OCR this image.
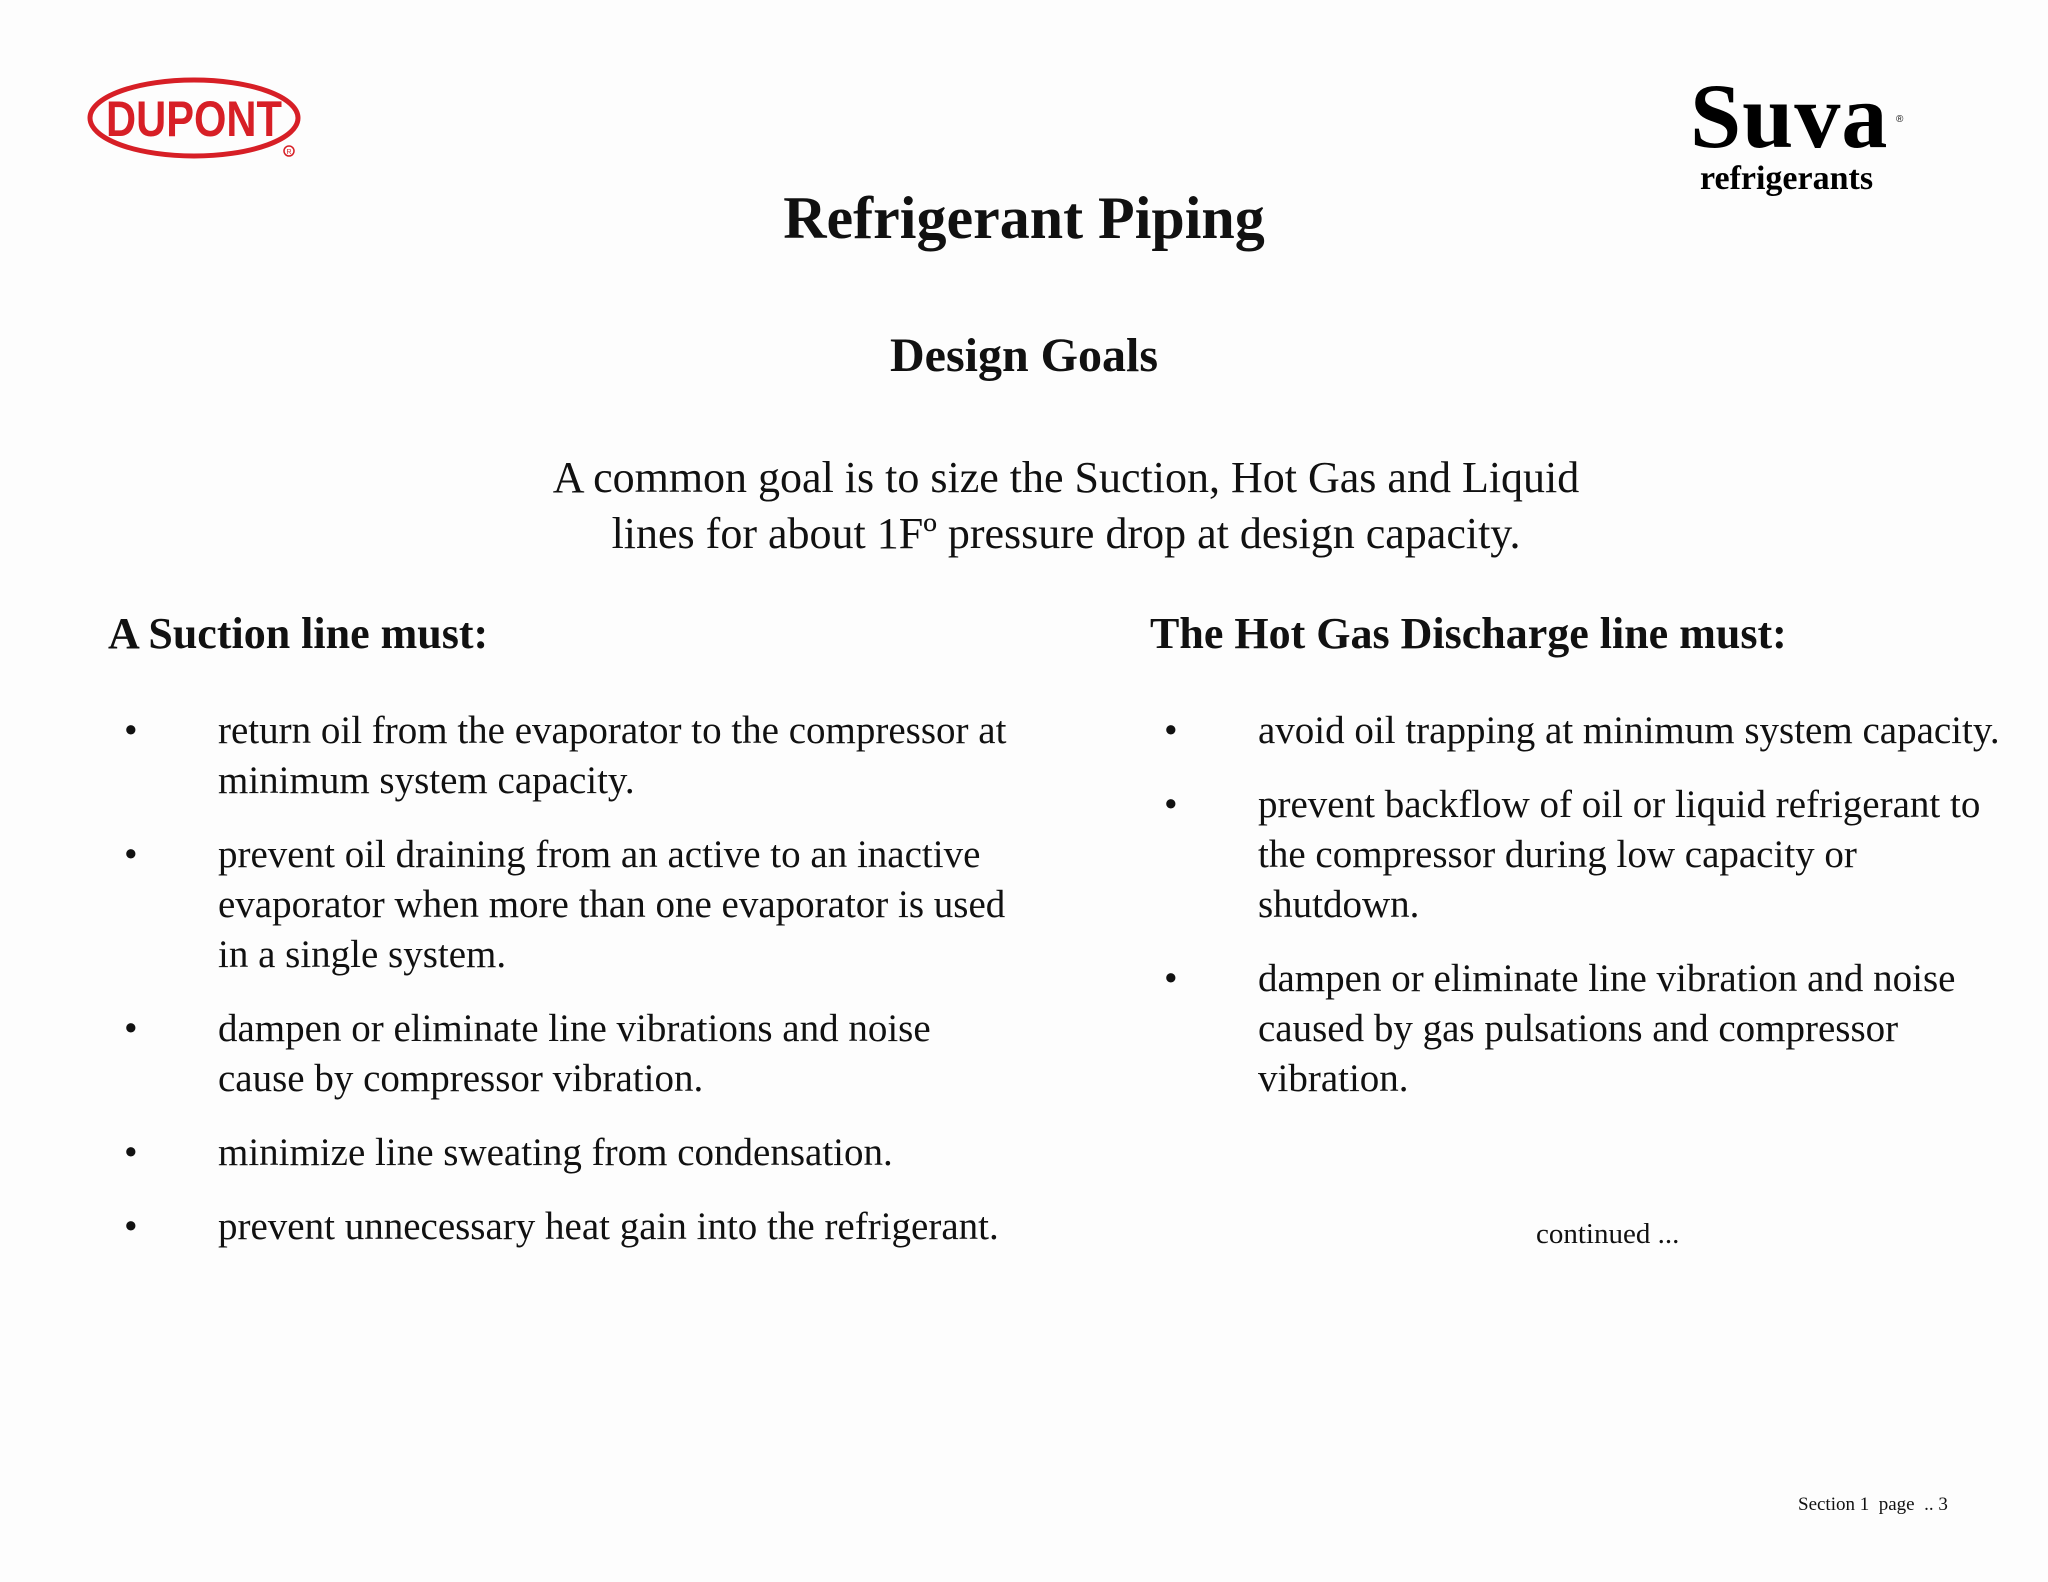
DUPONT
R	Suva ®
refrigerants
Refrigerant Piping
Design Goals

A common goal is to size the Suction, Hot Gas and Liquid
lines for about 1Fº pressure drop at design capacity.

A Suction line must:
• return oil from the evaporator to the compressor at minimum system capacity.
• prevent oil draining from an active to an inactive evaporator when more than one evaporator is used in a single system.
• dampen or eliminate line vibrations and noise cause by compressor vibration.
• minimize line sweating from condensation.
• prevent unnecessary heat gain into the refrigerant.
The Hot Gas Discharge line must:
• avoid oil trapping at minimum system capacity.
• prevent backflow of oil or liquid refrigerant to the compressor during low capacity or shutdown.
• dampen or eliminate line vibration and noise caused by gas pulsations and compressor vibration.

continued ...

Section 1  page  .. 3
